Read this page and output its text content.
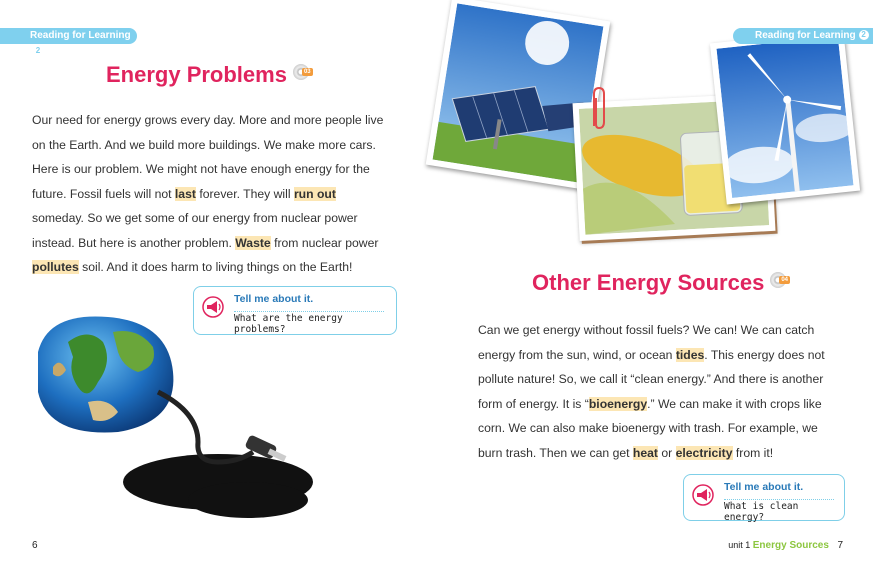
Reading for Learning2
Energy Problems	03

Our need for energy grows every day. More and more people live on the Earth. And we build more buildings. We make more cars. Here is our problem. We might not have enough energy for the future. Fossil fuels will not last forever. They will run out someday. So we get some of our energy from nuclear power instead. But here is another problem. Waste from nuclear power pollutes soil. And it does harm to living things on the Earth!

Tell me about it.
What are the energy problems?
6
Reading for Learning 2
Other Energy Sources	04

Can we get energy without fossil fuels? We can! We can catch energy from the sun, wind, or ocean tides. This energy does not pollute nature! So, we call it “clean energy.” And there is another form of energy. It is “bioenergy.” We can make it with crops like corn. We can also make bioenergy with trash. For example, we burn trash. Then we can get heat or electricity from it!

Tell me about it.
What is clean energy?
unit 1 Energy Sources 7
